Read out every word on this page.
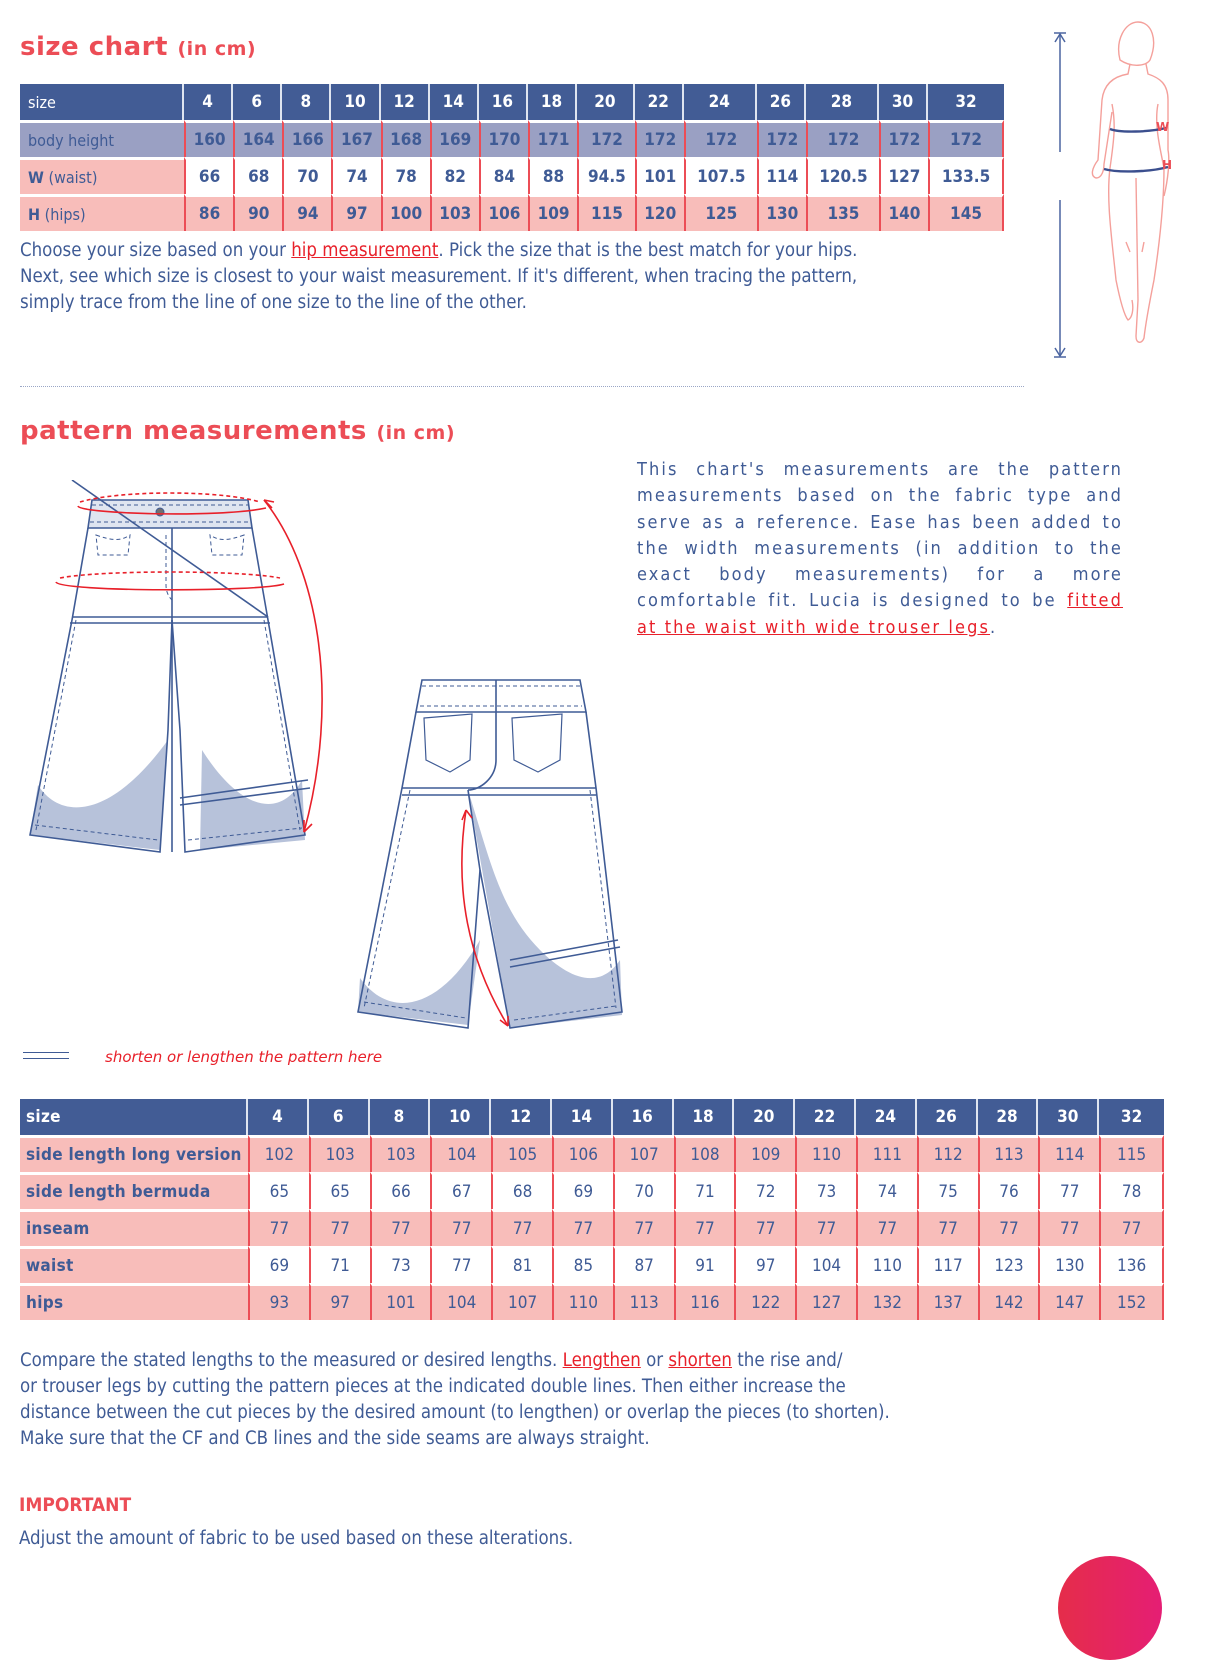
size chart (in cm)
size	4	6	8	10	12	14	16	18	20	22	24	26	28	30	32
body height	160	164	166	167	168	169	170	171	172	172	172	172	172	172	172
W (waist)	66	68	70	74	78	82	84	88	94.5	101	107.5	114	120.5	127	133.5
H (hips)	86	90	94	97	100	103	106	109	115	120	125	130	135	140	145
Choose your size based on your hip measurement. Pick the size that is the best match for your hips.
Next, see which size is closest to your waist measurement. If it's different, when tracing the pattern,
simply trace from the line of one size to the line of the other.
W
H
pattern measurements (in cm)
This chart's measurements are the pattern measurements based on the fabric type and serve as a reference. Ease has been added to the width measurements (in addition to the exact body measurements) for a more comfortable fit. Lucia is designed to be fitted at the waist with wide trouser legs.
shorten or lengthen the pattern here
size	4	6	8	10	12	14	16	18	20	22	24	26	28	30	32
side length long version	102	103	103	104	105	106	107	108	109	110	111	112	113	114	115
side length bermuda	65	65	66	67	68	69	70	71	72	73	74	75	76	77	78
inseam	77	77	77	77	77	77	77	77	77	77	77	77	77	77	77
waist	69	71	73	77	81	85	87	91	97	104	110	117	123	130	136
hips	93	97	101	104	107	110	113	116	122	127	132	137	142	147	152
Compare the stated lengths to the measured or desired lengths. Lengthen or shorten the rise and/
or trouser legs by cutting the pattern pieces at the indicated double lines. Then either increase the
distance between the cut pieces by the desired amount (to lengthen) or overlap the pieces (to shorten).
Make sure that the CF and CB lines and the side seams are always straight.
IMPORTANT
Adjust the amount of fabric to be used based on these alterations.
